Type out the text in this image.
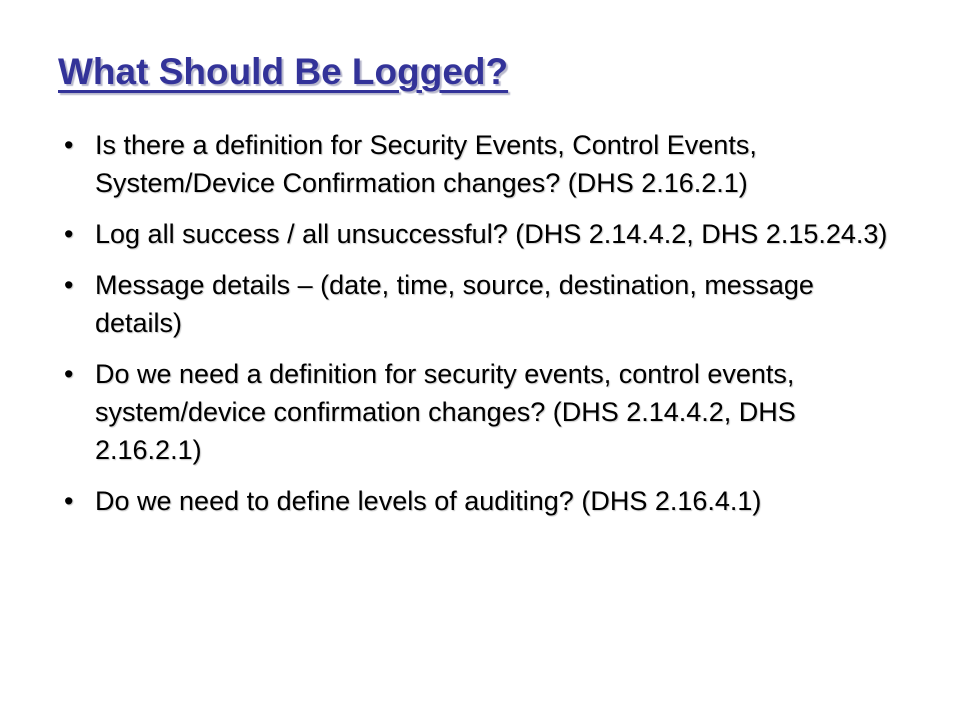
What Should Be Logged?
• Is there a definition for Security Events, Control Events, System/Device Confirmation changes? (DHS 2.16.2.1)
• Log all success / all unsuccessful? (DHS 2.14.4.2, DHS 2.15.24.3)
• Message details – (date, time, source, destination, message details)
• Do we need a definition for security events, control events, system/device confirmation changes? (DHS 2.14.4.2, DHS 2.16.2.1)
• Do we need to define levels of auditing? (DHS 2.16.4.1)
